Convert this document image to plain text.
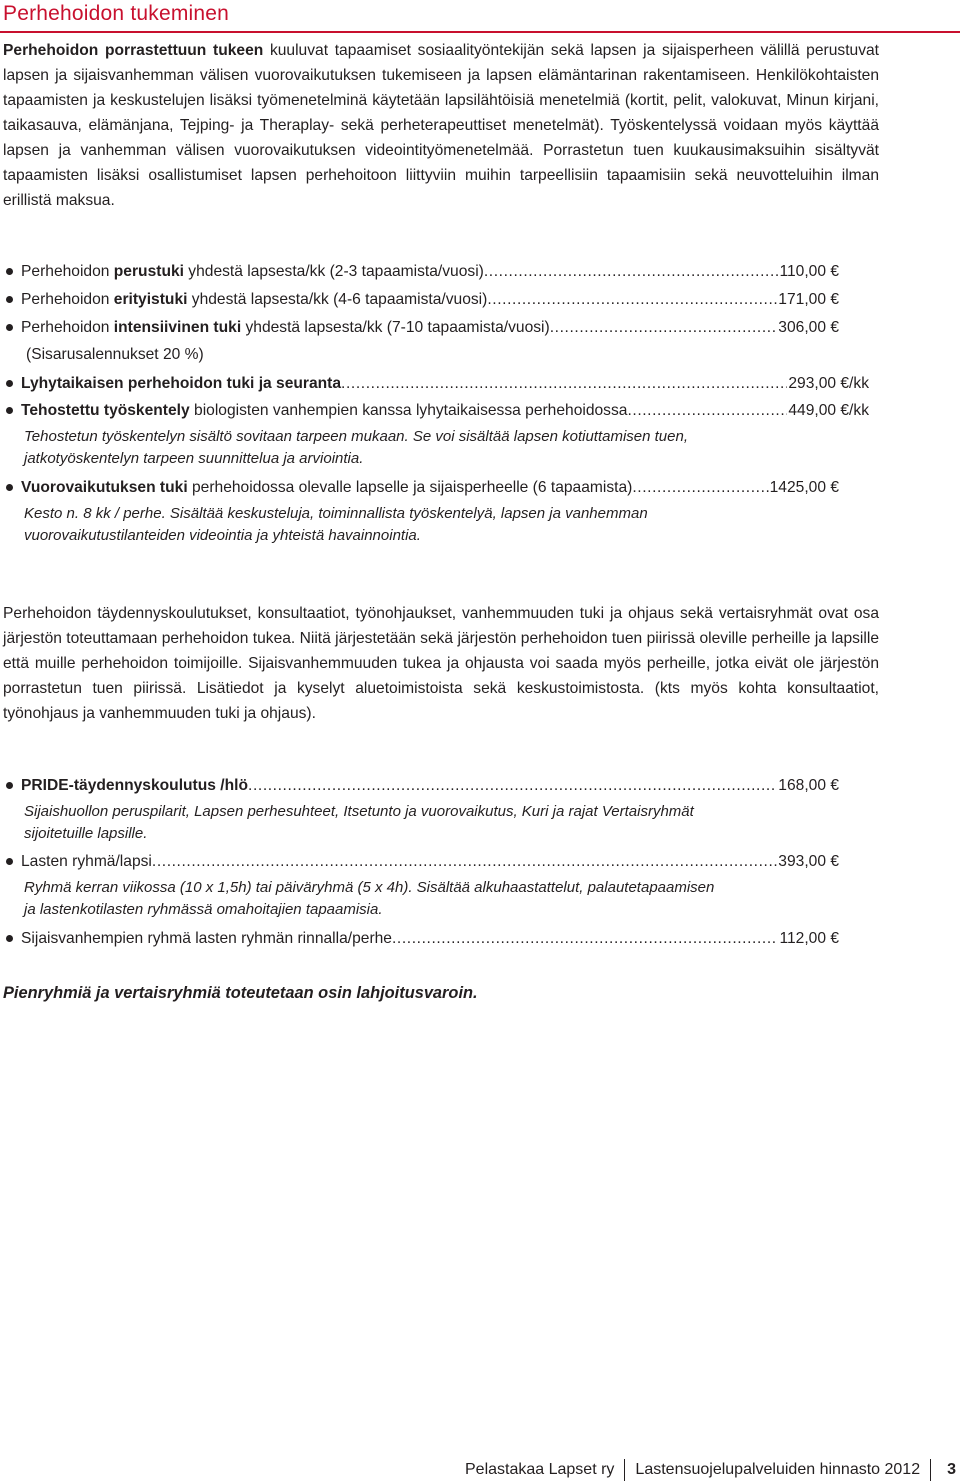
Perhehoidon tukeminen

Perhehoidon porrastettuun tukeen kuuluvat tapaamiset sosiaalityöntekijän sekä lapsen ja sijaisperheen välillä perustuvat lapsen ja sijaisvanhemman välisen vuorovaikutuksen tukemiseen ja lapsen elämäntarinan rakentamiseen. Henkilökohtaisten tapaamisten ja keskustelujen lisäksi työmenetelminä käytetään lapsilähtöisiä menetelmiä (kortit, pelit, valokuvat, Minun kirjani, taikasauva, elämänjana, Tejping- ja Theraplay- sekä perheterapeuttiset menetelmät). Työskentelyssä voidaan myös käyttää lapsen ja vanhemman välisen vuorovaikutuksen videointityömenetelmää. Porrastetun tuen kuukausimaksuihin sisältyvät tapaamisten lisäksi osallistumiset lapsen perhehoitoon liittyviin muihin tarpeellisiin tapaamisiin sekä neuvotteluihin ilman erillistä maksua.

Perhehoidon perustuki yhdestä lapsesta/kk (2-3 tapaamista/vuosi) .....	110,00 €
Perhehoidon erityistuki yhdestä lapsesta/kk (4-6 tapaamista/vuosi) .....	171,00 €
Perhehoidon intensiivinen tuki yhdestä lapsesta/kk (7-10 tapaamista/vuosi) .....	306,00 €
(Sisarusalennukset 20 %)
Lyhytaikaisen perhehoidon tuki ja seuranta .....	293,00 €/kk
Tehostettu työskentely biologisten vanhempien kanssa lyhytaikaisessa perhehoidossa .....	449,00 €/kk

Tehostetun työskentelyn sisältö sovitaan tarpeen mukaan. Se voi sisältää lapsen kotiuttamisen tuen,
jatkotyöskentelyn tarpeen suunnittelua ja arviointia.

Vuorovaikutuksen tuki perhehoidossa olevalle lapselle ja sijaisperheelle (6 tapaamista) .....	1425,00 €

Kesto n. 8 kk / perhe. Sisältää keskusteluja, toiminnallista työskentelyä, lapsen ja vanhemman
vuorovaikutustilanteiden videointia ja yhteistä havainnointia.

Perhehoidon täydennyskoulutukset, konsultaatiot, työnohjaukset, vanhemmuuden tuki ja ohjaus sekä vertaisryhmät ovat osa järjestön toteuttamaan perhehoidon tukea. Niitä järjestetään sekä järjestön perhehoidon tuen piirissä oleville perheille ja lapsille että muille perhehoidon toimijoille. Sijaisvanhemmuuden tukea ja ohjausta voi saada myös perheille, jotka eivät ole järjestön porrastetun tuen piirissä. Lisätiedot ja kyselyt aluetoimistoista sekä keskustoimistosta. (kts myös kohta konsultaatiot, työnohjaus ja vanhemmuuden tuki ja ohjaus).

PRIDE-täydennyskoulutus /hlö .....	168,00 €

Sijaishuollon peruspilarit, Lapsen perhesuhteet, Itsetunto ja vuorovaikutus, Kuri ja rajat Vertaisryhmät
sijoitetuille lapsille.

Lasten ryhmä/lapsi .....	393,00 €

Ryhmä kerran viikossa (10 x 1,5h) tai päiväryhmä (5 x 4h). Sisältää alkuhaastattelut, palautetapaamisen
ja lastenkotilasten ryhmässä omahoitajien tapaamisia.

Sijaisvanhempien ryhmä lasten ryhmän rinnalla/perhe .....	112,00 €
Pienryhmiä ja vertaisryhmiä toteutetaan osin lahjoitusvaroin.
Pelastakaa Lapset ry	Lastensuojelupalveluiden hinnasto 2012	3
